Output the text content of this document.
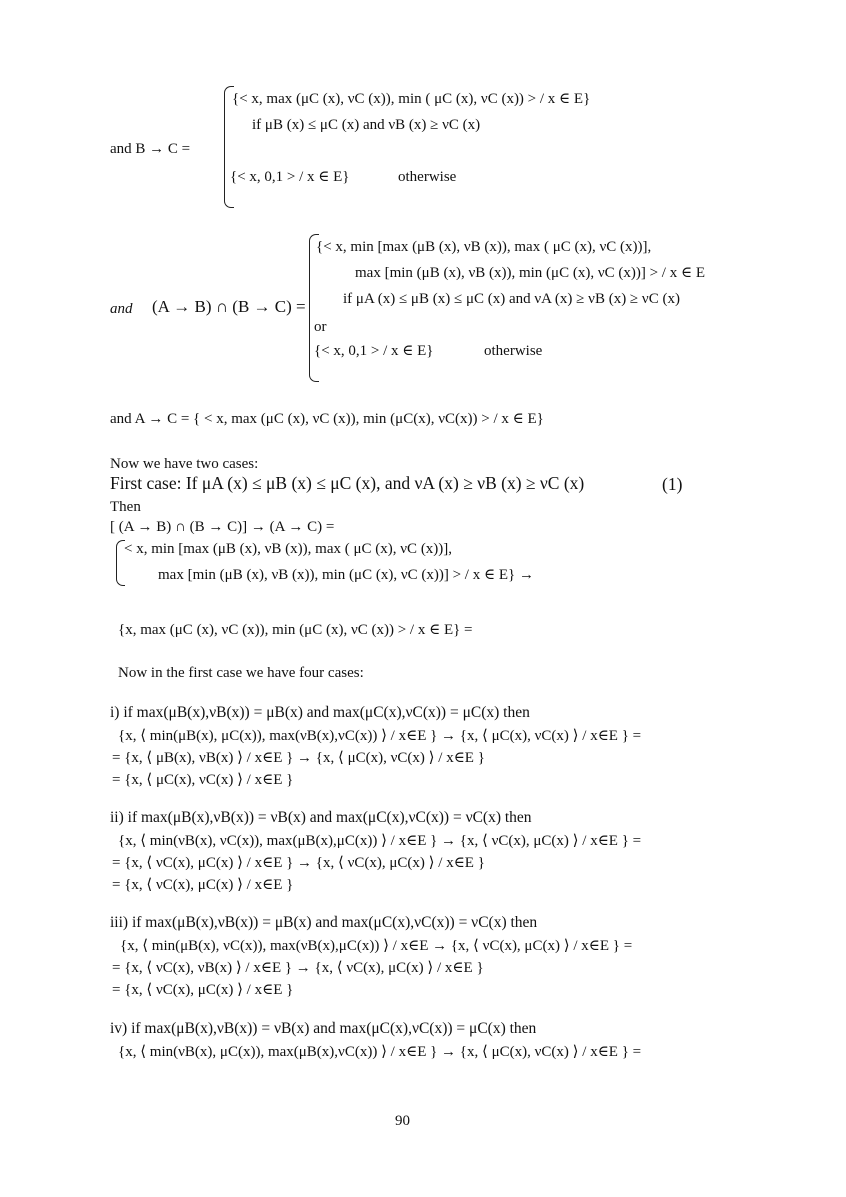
{< x, max (μC (x), νC (x)), min ( μC (x), νC (x)) > / x ∈ E}
if μB (x) ≤ μC (x) and νB (x) ≥ νC (x)
and B → C =
{< x, 0,1 > / x ∈ E}	otherwise
{< x, min [max (μB (x), νB (x)), max ( μC (x), νC (x))],
max [min (μB (x), νB (x)), min (μC (x), νC (x))] > / x ∈ E
if μA (x) ≤ μB (x) ≤ μC (x) and νA (x) ≥ νB (x) ≥ νC (x)
and (A → B) ∩ (B → C) =
or
{< x, 0,1 > / x ∈ E}	otherwise
and A → C = { < x, max (μC (x), νC (x)), min (μC(x), νC(x)) > / x ∈ E}
Now we have two cases:
First case: If μA (x) ≤ μB (x) ≤ μC (x), and νA (x) ≥ νB (x) ≥ νC (x)	(1)
Then
[ (A → B) ∩ (B → C)] → (A → C) =
< x, min [max (μB (x), νB (x)), max ( μC (x), νC (x))],
max [min (μB (x), νB (x)), min (μC (x), νC (x))] > / x ∈ E} →
{x, max (μC (x), νC (x)), min (μC (x), νC (x)) > / x ∈ E} =
Now in the first case we have four cases:
i) if max(μB(x),νB(x)) = μB(x) and max(μC(x),νC(x)) = μC(x) then
{x, ⟨ min(μB(x), μC(x)), max(νB(x),νC(x)) ⟩ / x∈E } → {x, ⟨ μC(x), νC(x) ⟩ / x∈E } =
= {x, ⟨ μB(x), νB(x) ⟩ / x∈E } → {x, ⟨ μC(x), νC(x) ⟩ / x∈E }
= {x, ⟨ μC(x), νC(x) ⟩ / x∈E }
ii) if max(μB(x),νB(x)) = νB(x) and max(μC(x),νC(x)) = νC(x) then
{x, ⟨ min(νB(x), νC(x)), max(μB(x),μC(x)) ⟩ / x∈E } → {x, ⟨ νC(x), μC(x) ⟩ / x∈E } =
= {x, ⟨ νC(x), μC(x) ⟩ / x∈E } → {x, ⟨ νC(x), μC(x) ⟩ / x∈E }
= {x, ⟨ νC(x), μC(x) ⟩ / x∈E }
iii) if max(μB(x),νB(x)) = μB(x) and max(μC(x),νC(x)) = νC(x) then
{x, ⟨ min(μB(x), νC(x)), max(νB(x),μC(x)) ⟩ / x∈E → {x, ⟨ νC(x), μC(x) ⟩ / x∈E } =
= {x, ⟨ νC(x), νB(x) ⟩ / x∈E } → {x, ⟨ νC(x), μC(x) ⟩ / x∈E }
= {x, ⟨ νC(x), μC(x) ⟩ / x∈E }
iv) if max(μB(x),νB(x)) = νB(x) and max(μC(x),νC(x)) = μC(x) then
{x, ⟨ min(νB(x), μC(x)), max(μB(x),νC(x)) ⟩ / x∈E } → {x, ⟨ μC(x), νC(x) ⟩ / x∈E } =
90
